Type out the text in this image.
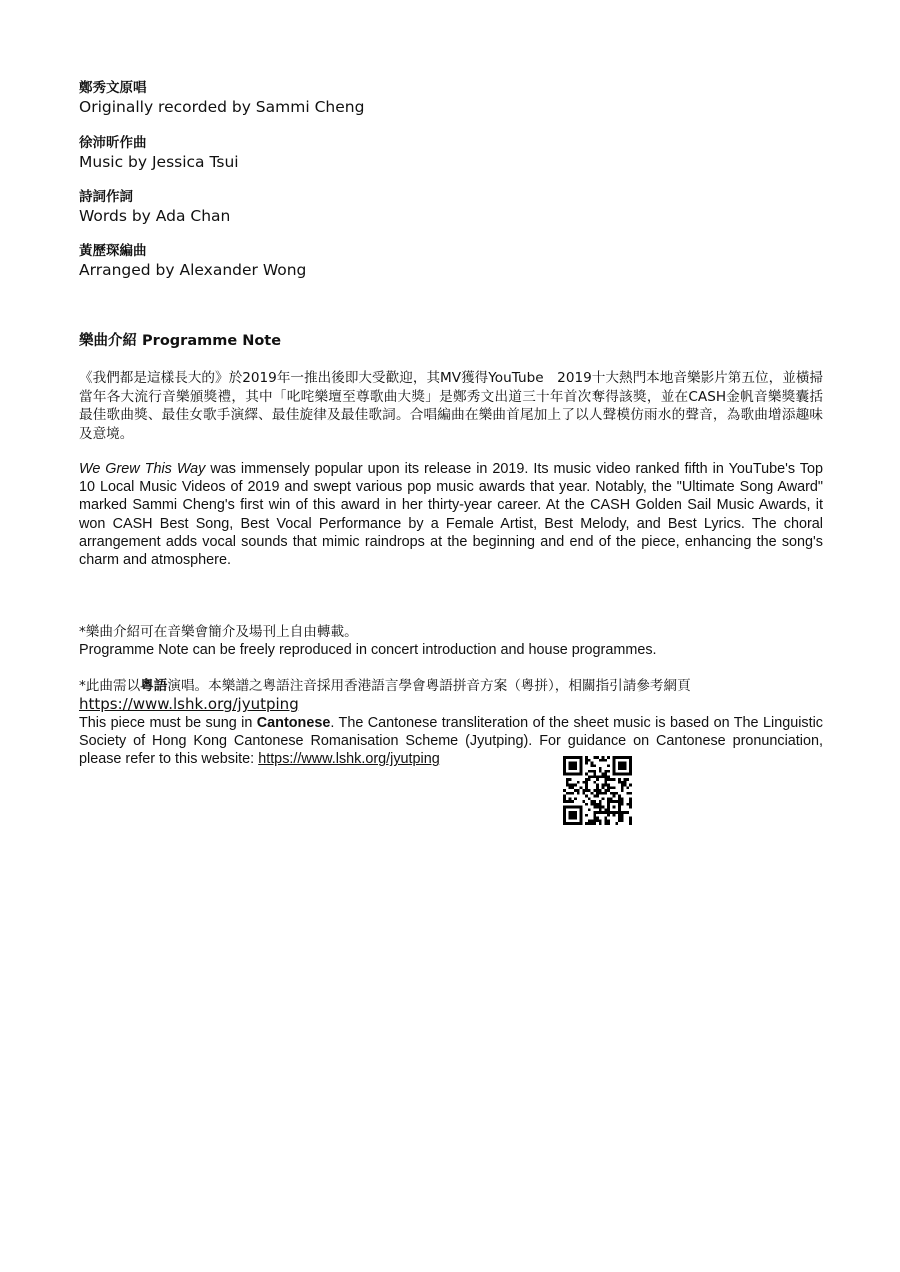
鄭秀文原唱
Originally recorded by Sammi Cheng
徐沛昕作曲
Music by Jessica Tsui
詩詞作詞
Words by Ada Chan
黃歷琛編曲
Arranged by Alexander Wong
樂曲介紹 Programme Note
《我們都是這樣長大的》於2019年一推出後即大受歡迎，其MV獲得YouTube　2019十大熱門本地音樂影片第五位，並橫掃當年各大流行音樂頒獎禮，其中「叱咤樂壇至尊歌曲大獎」是鄭秀文出道三十年首次奪得該獎，並在CASH金帆音樂獎囊括最佳歌曲獎、最佳女歌手演繹、最佳旋律及最佳歌詞。合唱編曲在樂曲首尾加上了以人聲模仿雨水的聲音，為歌曲增添趣味及意境。
We Grew This Way was immensely popular upon its release in 2019. Its music video ranked fifth in YouTube's Top 10 Local Music Videos of 2019 and swept various pop music awards that year. Notably, the "Ultimate Song Award" marked Sammi Cheng's first win of this award in her thirty-year career. At the CASH Golden Sail Music Awards, it won CASH Best Song, Best Vocal Performance by a Female Artist, Best Melody, and Best Lyrics. The choral arrangement adds vocal sounds that mimic raindrops at the beginning and end of the piece, enhancing the song's charm and atmosphere.
*樂曲介紹可在音樂會簡介及場刊上自由轉載。
Programme Note can be freely reproduced in concert introduction and house programmes.
*此曲需以粵語演唱。本樂譜之粵語注音採用香港語言學會粵語拼音方案（粵拼），相關指引請參考網頁
https://www.lshk.org/jyutping
This piece must be sung in Cantonese. The Cantonese transliteration of the sheet music is based on The Linguistic Society of Hong Kong Cantonese Romanisation Scheme (Jyutping). For guidance on Cantonese pronunciation, please refer to this website: https://www.lshk.org/jyutping
